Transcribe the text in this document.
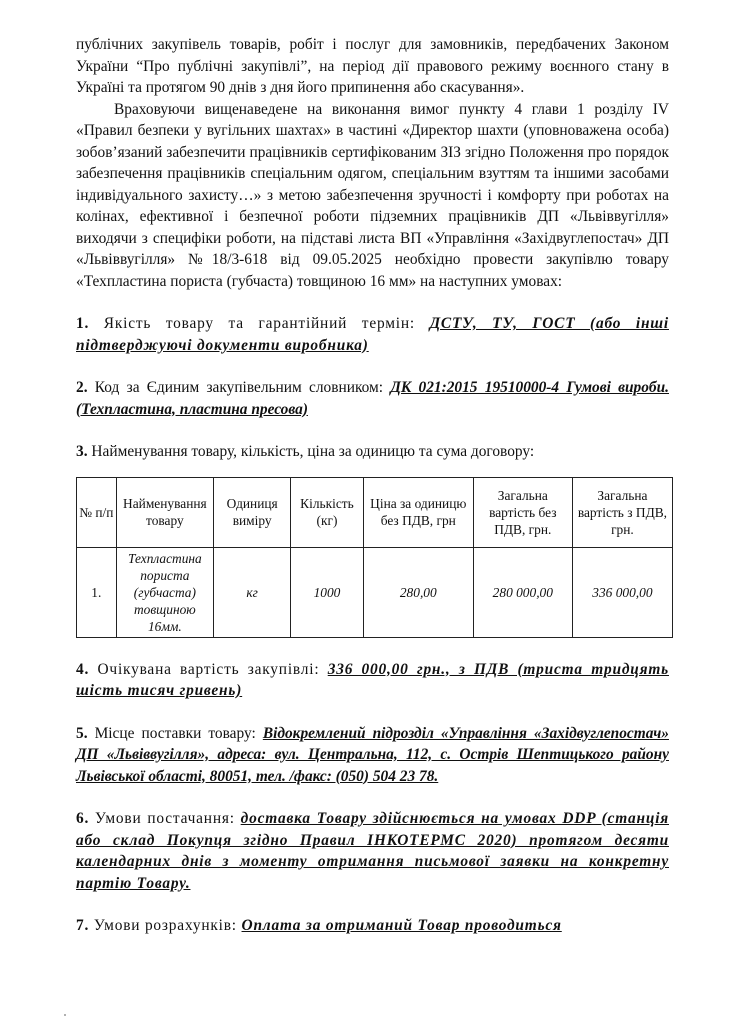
публічних закупівель товарів, робіт і послуг для замовників, передбачених Законом України “Про публічні закупівлі”, на період дії правового режиму воєнного стану в Україні та протягом 90 днів з дня його припинення або скасування».

Враховуючи вищенаведене на виконання вимог пункту 4 глави 1 розділу IV «Правил безпеки у вугільних шахтах» в частині «Директор шахти (уповноважена особа) зобов’язаний забезпечити працівників сертифікованим ЗІЗ згідно Положення про порядок забезпечення працівників спеціальним одягом, спеціальним взуттям та іншими засобами індивідуального захисту…» з метою забезпечення зручності і комфорту при роботах на колінах, ефективної і безпечної роботи підземних працівників ДП «Львіввугілля» виходячи з специфіки роботи, на підставі листа ВП «Управління «Західвуглепостач» ДП «Львіввугілля» №18/3-618 від 09.05.2025 необхідно провести закупівлю товару «Техпластина пориста (губчаста) товщиною 16 мм» на наступних умовах:

1. Якість товару та гарантійний термін: ДСТУ, ТУ, ГОСТ (або інші підтверджуючі документи виробника)

2. Код за Єдиним закупівельним словником: ДК 021:2015 19510000-4 Гумові вироби. (Техпластина, пластина пресова)

3. Найменування товару, кількість, ціна за одиницю та сума договору:

№ п/п	Найменування товару	Одиниця виміру	Кількість (кг)	Ціна за одиницю без ПДВ, грн	Загальна вартість без ПДВ, грн.	Загальна вартість з ПДВ, грн.
1.	Техпластина пориста (губчаста) товщиною 16мм.	кг	1000	280,00	280 000,00	336 000,00

4. Очікувана вартість закупівлі: 336 000,00 грн., з ПДВ (триста тридцять шість тисяч гривень)

5. Місце поставки товару: Відокремлений підрозділ «Управління «Західвуглепостач» ДП «Львіввугілля», адреса: вул. Центральна, 112, с. Острів Шептицького району Львівської області, 80051, тел. /факс: (050) 504 23 78.

6. Умови постачання: доставка Товару здійснюється на умовах DDP (станція або склад Покупця згідно Правил ІНКОТЕРМС 2020) протягом десяти календарних днів з моменту отримання письмової заявки на конкретну партію Товару.

7. Умови розрахунків: Оплата за отриманий Товар проводиться
